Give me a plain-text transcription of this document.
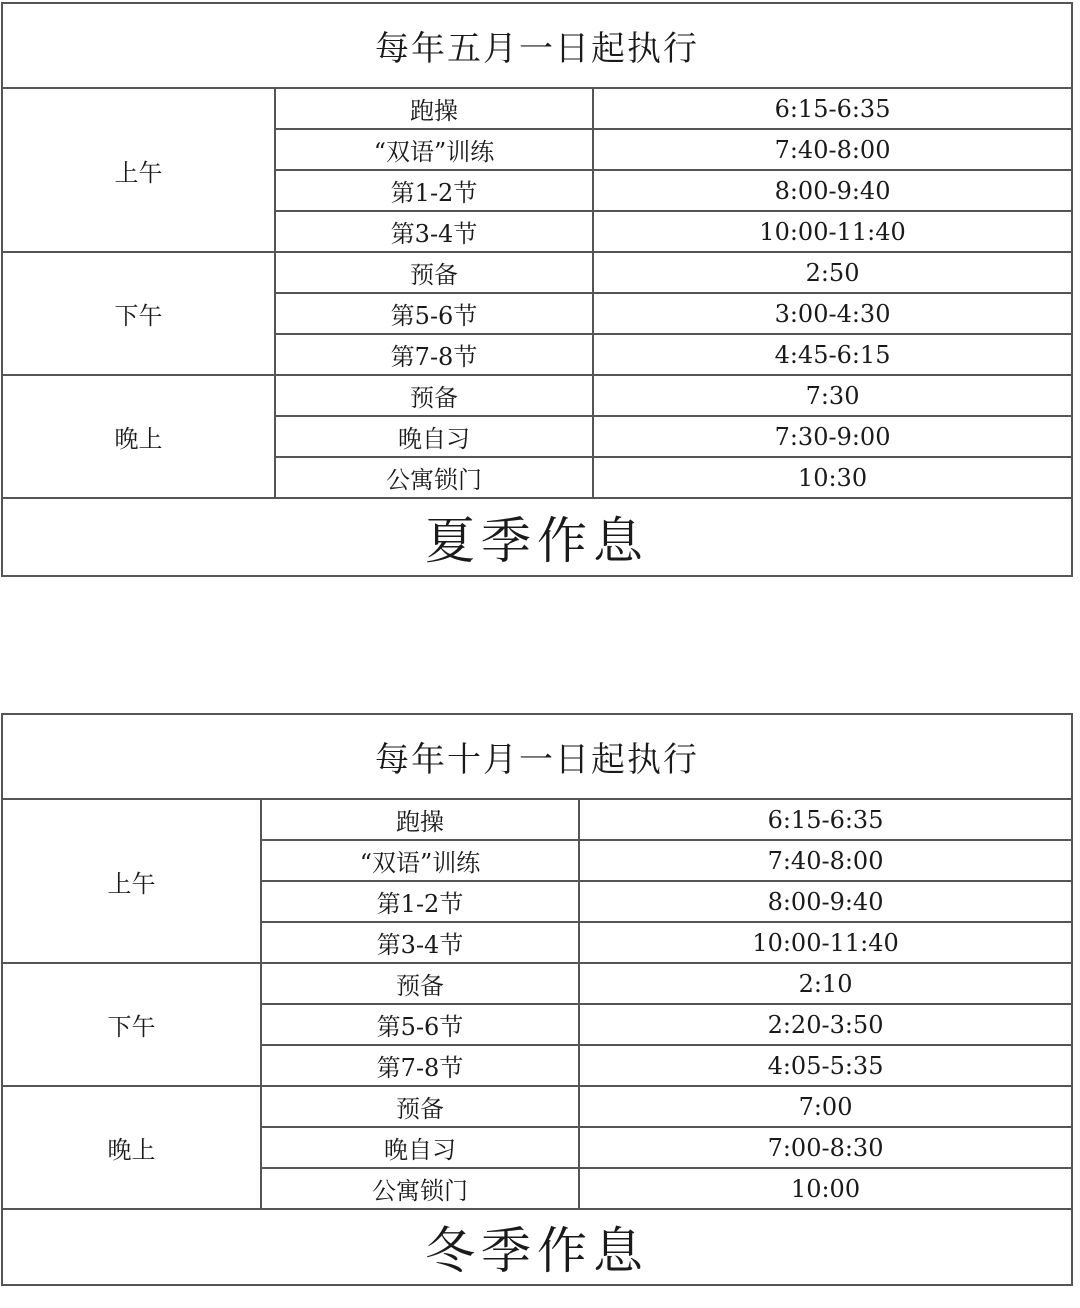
每年五月一日起执行		
上午	跑操	6:15-6:35
	“双语”训练	7:40-8:00
	第1-2节	8:00-9:40
	第3-4节	10:00-11:40
下午	预备	2:50
	第5-6节	3:00-4:30
	第7-8节	4:45-6:15
晚上	预备	7:30
	晚自习	7:30-9:00
	公寓锁门	10:30
夏季作息		
每年十月一日起执行		
上午	跑操	6:15-6:35
	“双语”训练	7:40-8:00
	第1-2节	8:00-9:40
	第3-4节	10:00-11:40
下午	预备	2:10
	第5-6节	2:20-3:50
	第7-8节	4:05-5:35
晚上	预备	7:00
	晚自习	7:00-8:30
	公寓锁门	10:00
冬季作息		
